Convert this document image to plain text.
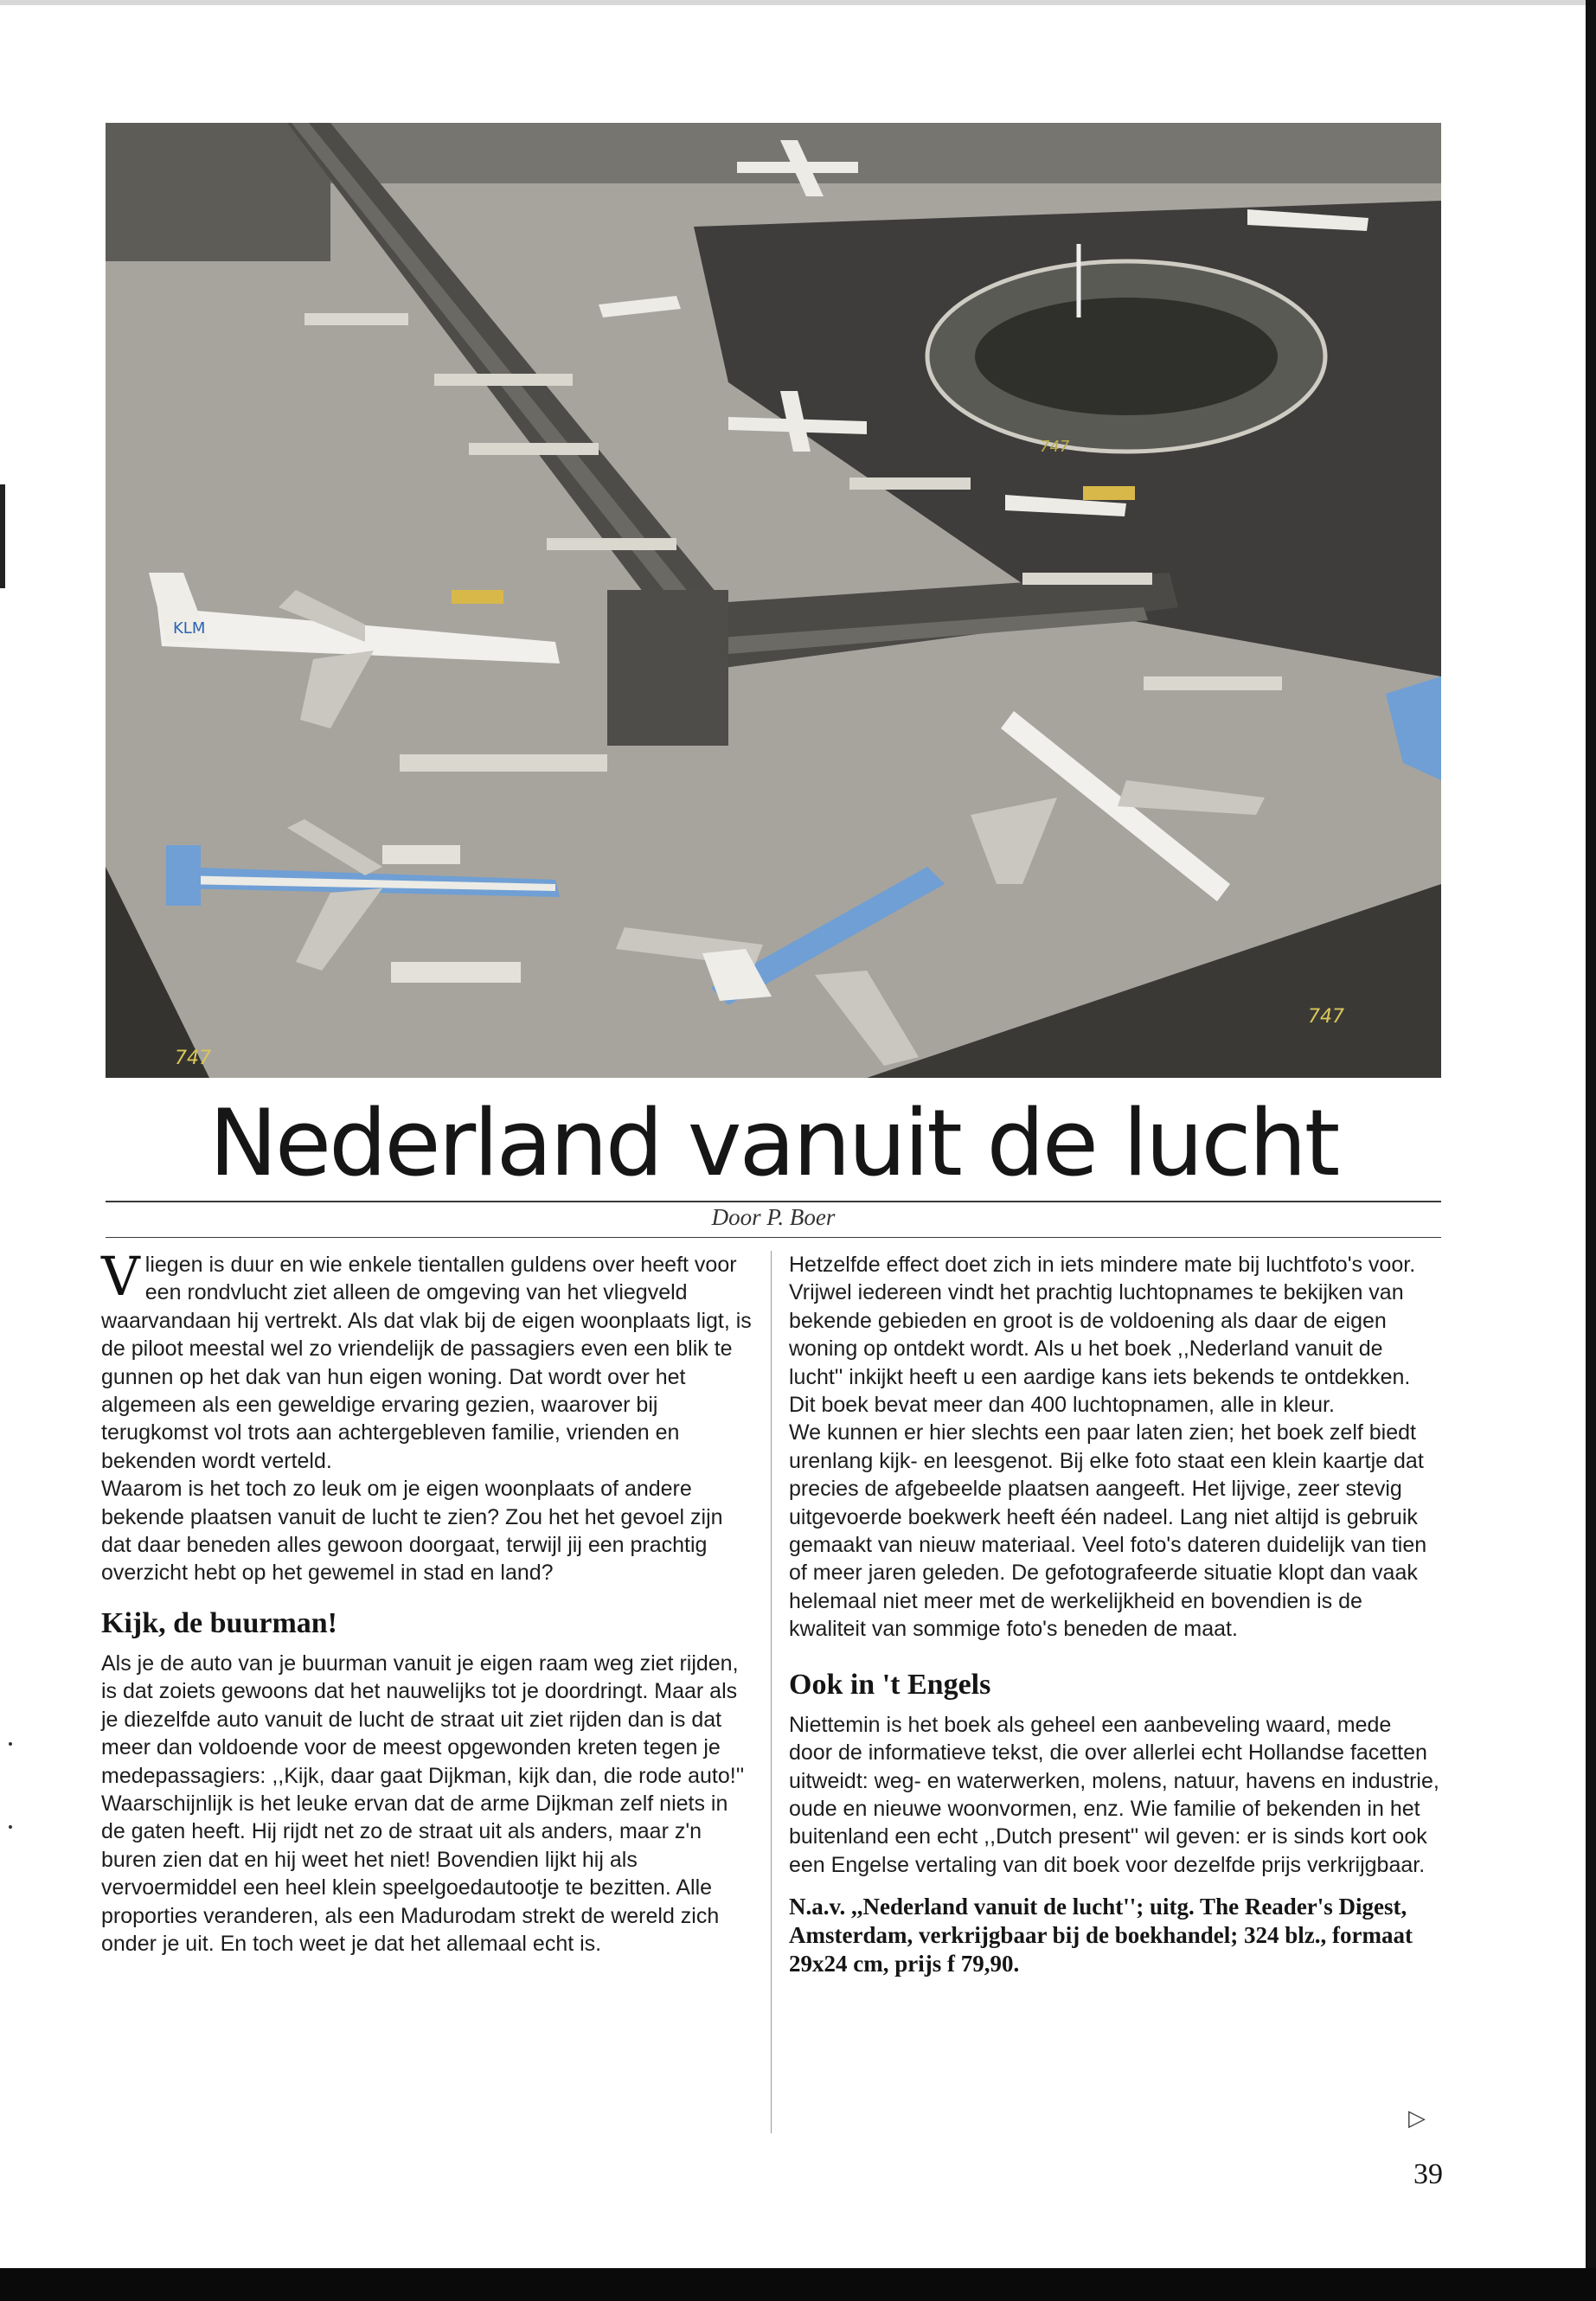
KLM
747
747
747
Nederland vanuit de lucht
Door P. Boer

Vliegen is duur en wie enkele tientallen guldens over heeft voor een rondvlucht ziet alleen de omgeving van het vliegveld waarvandaan hij vertrekt. Als dat vlak bij de eigen woonplaats ligt, is de piloot meestal wel zo vriendelijk de passagiers even een blik te gunnen op het dak van hun eigen woning. Dat wordt over het algemeen als een geweldige ervaring gezien, waarover bij terugkomst vol trots aan achtergebleven familie, vrienden en bekenden wordt verteld.

Waarom is het toch zo leuk om je eigen woonplaats of andere bekende plaatsen vanuit de lucht te zien? Zou het het gevoel zijn dat daar beneden alles gewoon doorgaat, terwijl jij een prachtig overzicht hebt op het gewemel in stad en land?

Kijk, de buurman!

Als je de auto van je buurman vanuit je eigen raam weg ziet rijden, is dat zoiets gewoons dat het nauwelijks tot je doordringt. Maar als je diezelfde auto vanuit de lucht de straat uit ziet rijden dan is dat meer dan voldoende voor de meest opgewonden kreten tegen je medepassagiers: ,,Kijk, daar gaat Dijkman, kijk dan, die rode auto!''

Waarschijnlijk is het leuke ervan dat de arme Dijkman zelf niets in de gaten heeft. Hij rijdt net zo de straat uit als anders, maar z'n buren zien dat en hij weet het niet! Bovendien lijkt hij als vervoermiddel een heel klein speelgoedautootje te bezitten. Alle proporties veranderen, als een Madurodam strekt de wereld zich onder je uit. En toch weet je dat het allemaal echt is.

Hetzelfde effect doet zich in iets mindere mate bij luchtfoto's voor. Vrijwel iedereen vindt het prachtig luchtopnames te bekijken van bekende gebieden en groot is de voldoening als daar de eigen woning op ontdekt wordt. Als u het boek ,,Nederland vanuit de lucht'' inkijkt heeft u een aardige kans iets bekends te ontdekken. Dit boek bevat meer dan 400 luchtopnamen, alle in kleur.

We kunnen er hier slechts een paar laten zien; het boek zelf biedt urenlang kijk- en leesgenot. Bij elke foto staat een klein kaartje dat precies de afgebeelde plaatsen aangeeft. Het lijvige, zeer stevig uitgevoerde boekwerk heeft één nadeel. Lang niet altijd is gebruik gemaakt van nieuw materiaal. Veel foto's dateren duidelijk van tien of meer jaren geleden. De gefotografeerde situatie klopt dan vaak helemaal niet meer met de werkelijkheid en bovendien is de kwaliteit van sommige foto's beneden de maat.

Ook in 't Engels

Niettemin is het boek als geheel een aanbeveling waard, mede door de informatieve tekst, die over allerlei echt Hollandse facetten uitweidt: weg- en waterwerken, molens, natuur, havens en industrie, oude en nieuwe woonvormen, enz. Wie familie of bekenden in het buitenland een echt ,,Dutch present'' wil geven: er is sinds kort ook een Engelse vertaling van dit boek voor dezelfde prijs verkrijgbaar.

N.a.v. ,,Nederland vanuit de lucht''; uitg. The Reader's Digest, Amsterdam, verkrijgbaar bij de boekhandel; 324 blz., formaat 29x24 cm, prijs f 79,90.
▷
39
